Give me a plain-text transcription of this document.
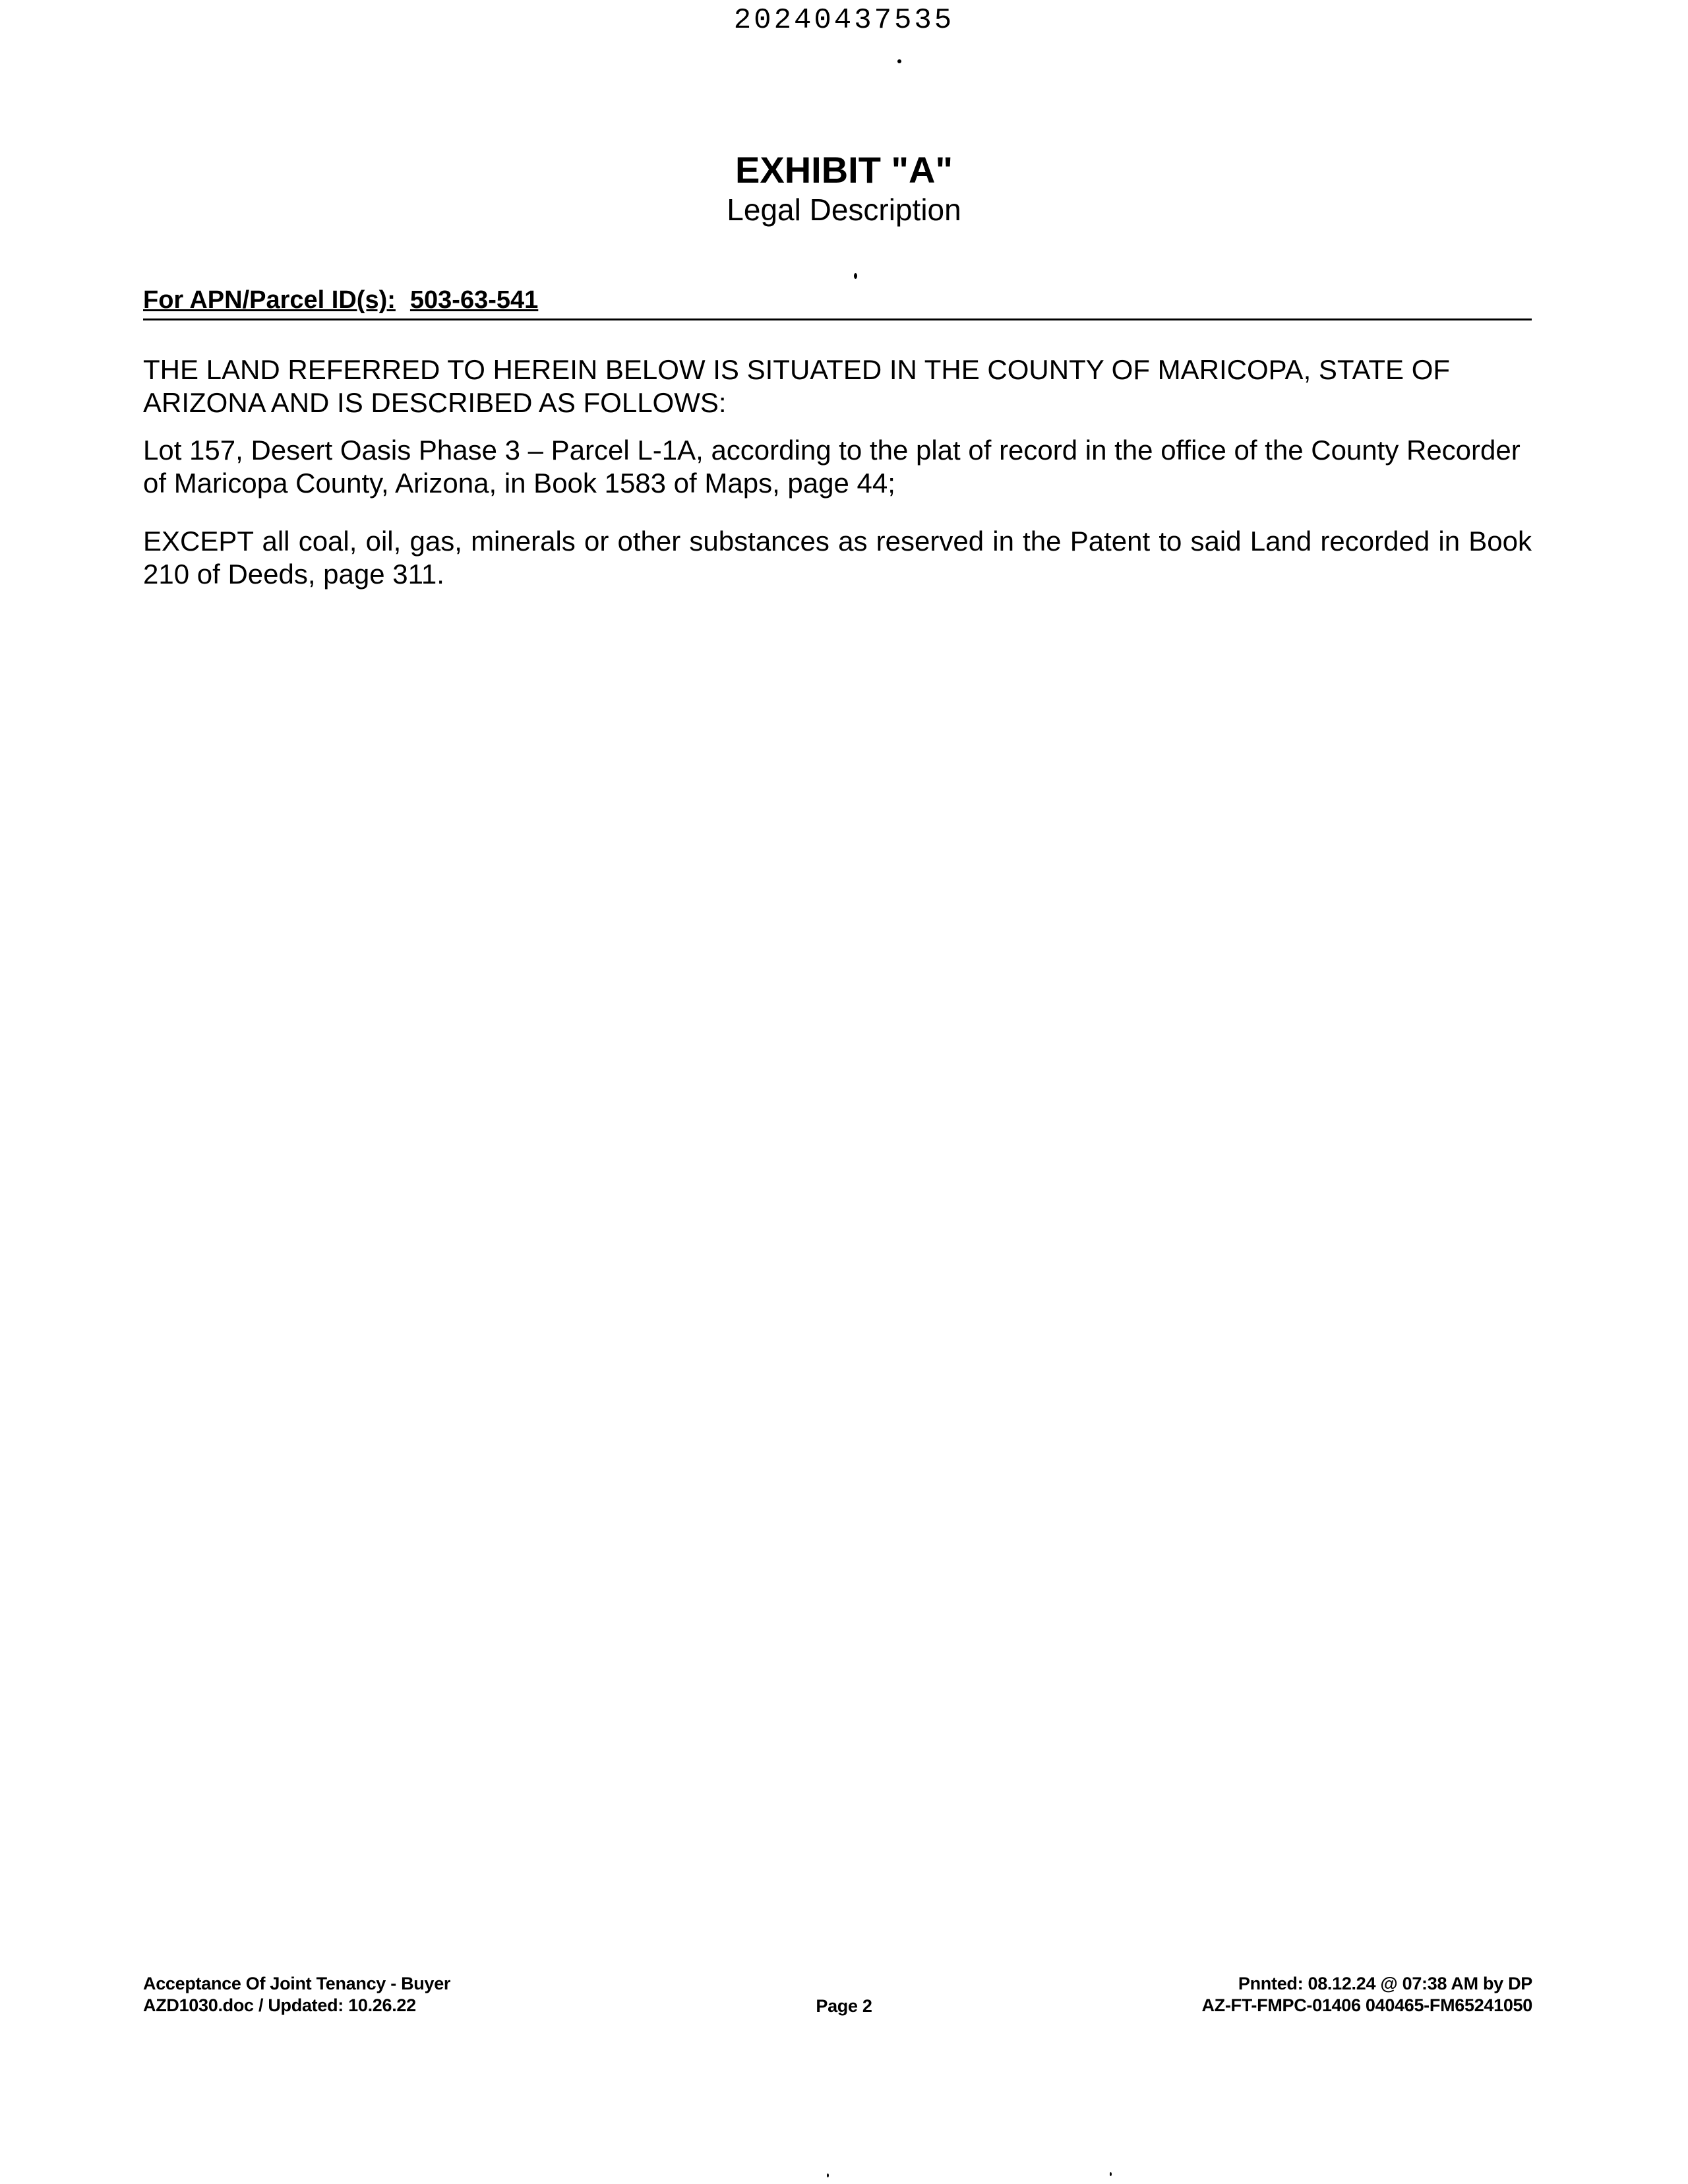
20240437535
EXHIBIT "A"
Legal Description
For APN/Parcel ID(s): 503-63-541
THE LAND REFERRED TO HEREIN BELOW IS SITUATED IN THE COUNTY OF MARICOPA, STATE OF ARIZONA AND IS DESCRIBED AS FOLLOWS:
Lot 157, Desert Oasis Phase 3 – Parcel L-1A, according to the plat of record in the office of the County Recorder of Maricopa County, Arizona, in Book 1583 of Maps, page 44;
EXCEPT all coal, oil, gas, minerals or other substances as reserved in the Patent to said Land recorded in Book 210 of Deeds, page 311.
Acceptance Of Joint Tenancy - Buyer
AZD1030.doc / Updated: 10.26.22	Page 2
Pnnted: 08.12.24 @ 07:38 AM by DP
AZ-FT-FMPC-01406 040465-FM65241050
